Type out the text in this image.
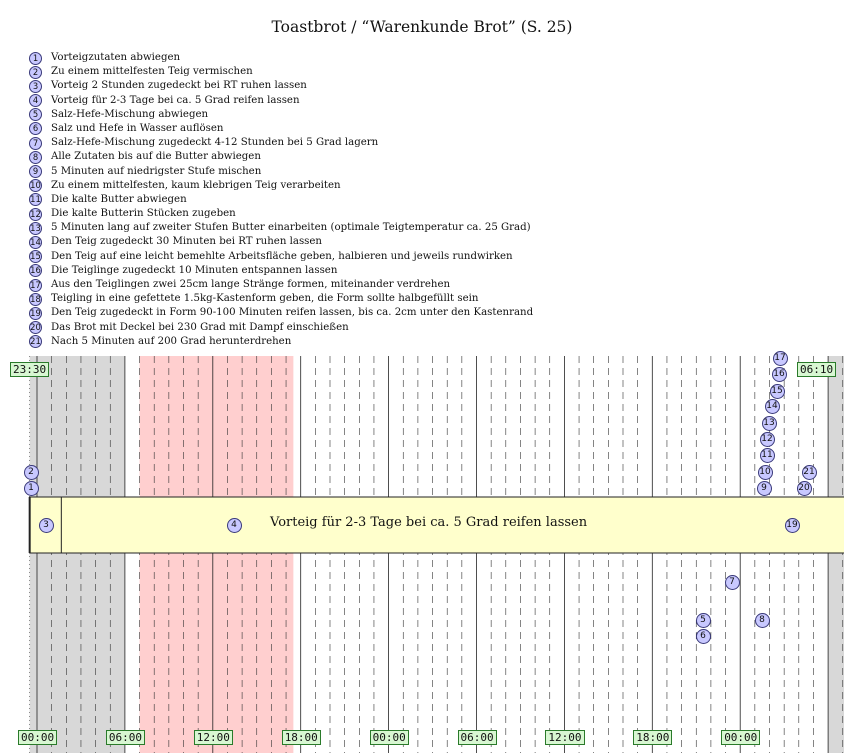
Toastbrot / “Warenkunde Brot” (S. 25)
1	Vorteigzutaten abwiegen
2	Zu einem mittelfesten Teig vermischen
3	Vorteig 2 Stunden zugedeckt bei RT ruhen lassen
4	Vorteig für 2-3 Tage bei ca. 5 Grad reifen lassen
5	Salz-Hefe-Mischung abwiegen
6	Salz und Hefe in Wasser auflösen
7	Salz-Hefe-Mischung zugedeckt 4-12 Stunden bei 5 Grad lagern
8	Alle Zutaten bis auf die Butter abwiegen
9	5 Minuten auf niedrigster Stufe mischen
10 Zu einem mittelfesten, kaum klebrigen Teig verarbeiten
11 Die kalte Butter abwiegen
12 Die kalte Butterin Stücken zugeben
13 5 Minuten lang auf zweiter Stufen Butter einarbeiten (optimale Teigtemperatur ca. 25 Grad)
14 Den Teig zugedeckt 30 Minuten bei RT ruhen lassen
15 Den Teig auf eine leicht bemehlte Arbeitsfläche geben, halbieren und jeweils rundwirken
16 Die Teiglinge zugedeckt 10 Minuten entspannen lassen
17 Aus den Teiglingen zwei 25cm lange Stränge formen, miteinander verdrehen
18 Teigling in eine gefettete 1.5kg-Kastenform geben, die Form sollte halbgefüllt sein
19 Den Teig zugedeckt in Form 90-100 Minuten reifen lassen, bis ca. 2cm unter den Kastenrand
20 Das Brot mit Deckel bei 230 Grad mit Dampf einschießen
21 Nach 5 Minuten auf 200 Grad herunterdrehen
1
2
3	4
5
6
7
8
9
10
11
12
13
14
15
16
17
19
20
21
23:30	06:10
00:00	06:00	12:00	18:00	00:00	06:00	12:00	18:00	00:00
Vorteig für 2-3 Tage bei ca. 5 Grad reifen lassen
